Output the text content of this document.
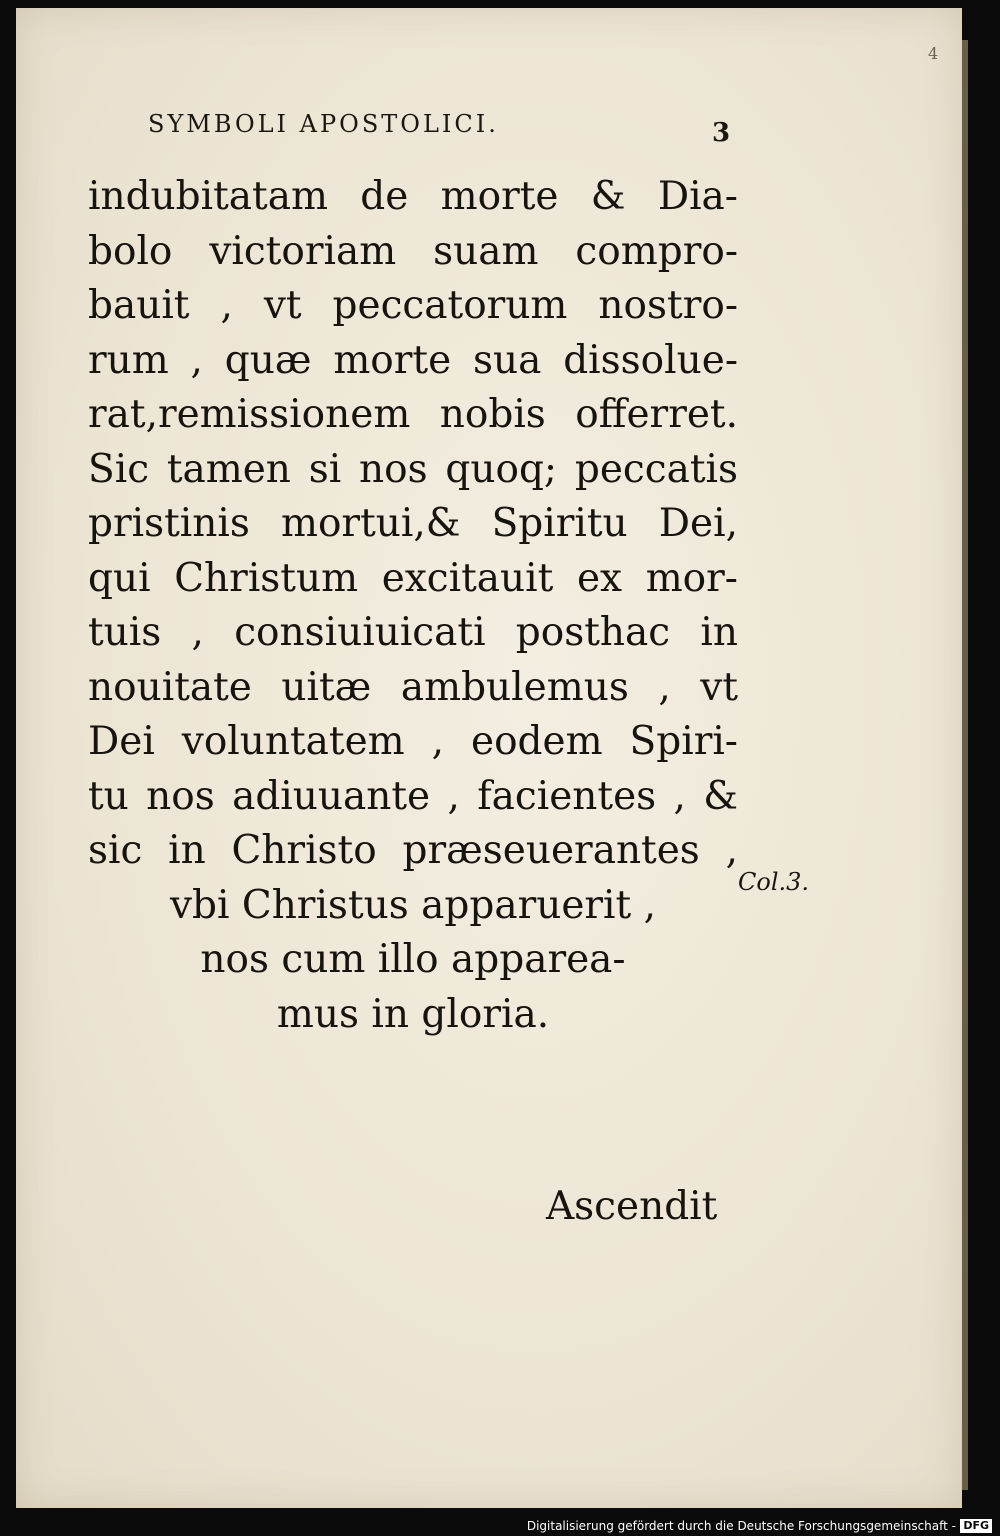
4
SYMBOLI APOSTOLICI.	3
indubitatam de morte & Dia-
bolo victoriam suam compro-
bauit , vt peccatorum nostro-
rum , quæ morte sua dissolue-
rat,remissionem nobis offerret.
Sic tamen si nos quoq; peccatis
pristinis mortui,& Spiritu Dei,
qui Christum excitauit ex mor-
tuis , consiuiuicati posthac in
nouitate uitæ ambulemus , vt
Dei voluntatem , eodem Spiri-
tu nos adiuuante , facientes , &
sic in Christo præseuerantes ,
vbi Christus apparuerit ,
nos cum illo apparea-
mus in gloria.
Col.3.
Ascendit
Digitalisierung gefördert durch die Deutsche Forschungsgemeinschaft - DFG
